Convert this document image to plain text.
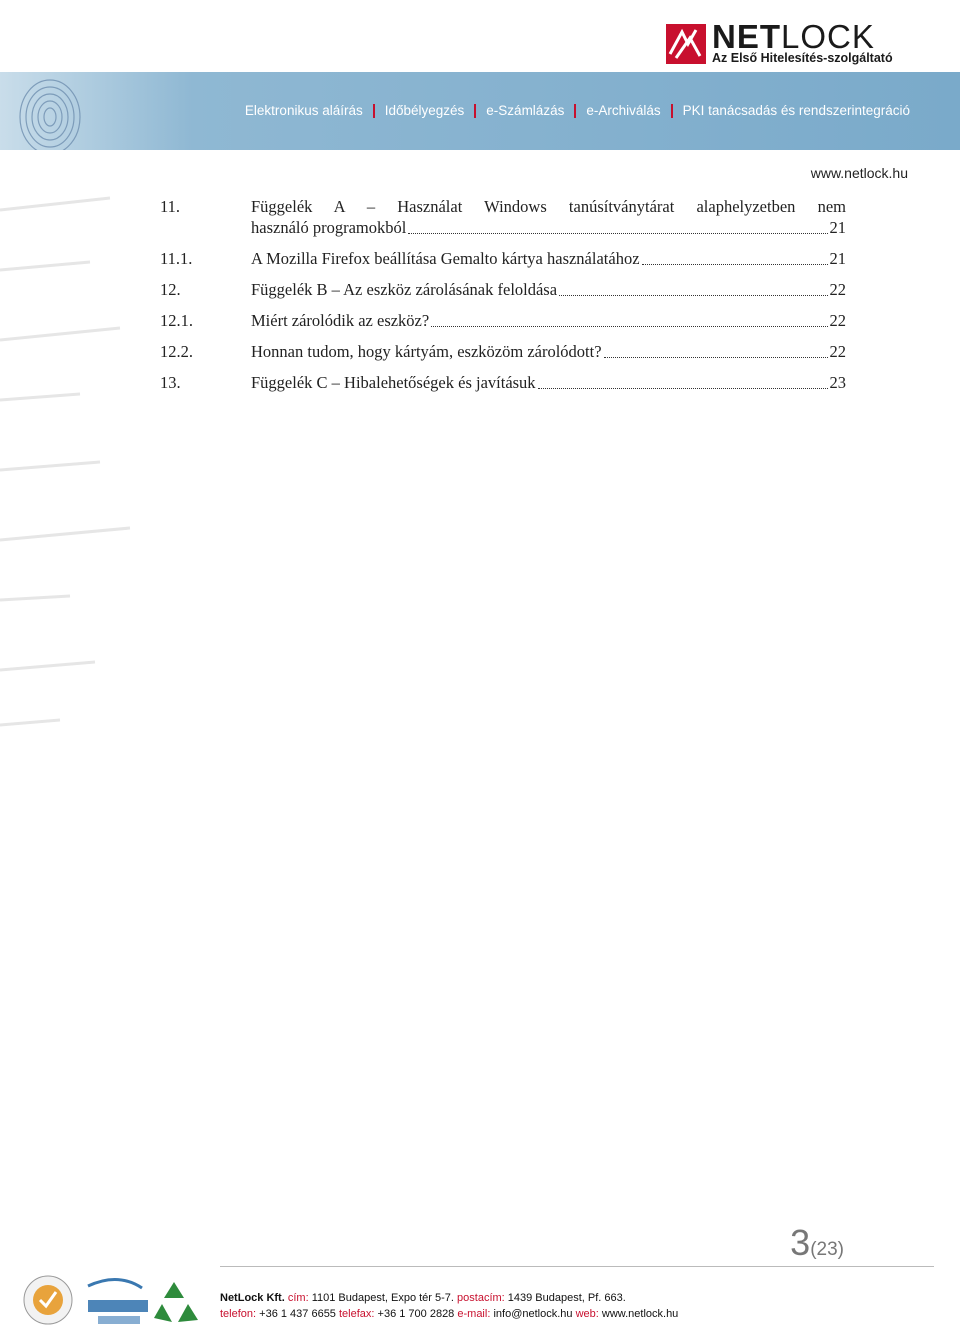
NETLOCK
Az Első Hitelesítés-szolgáltató
Elektronikus aláírás Időbélyegzés e-Számlázás e-Archiválás PKI tanácsadás és rendszerintegráció
www.netlock.hu
11.	Függelék A – Használat Windows tanúsítványtárat alaphelyzetben nem
használó programokból	21
11.1.	A Mozilla Firefox beállítása Gemalto kártya használatához	21
12.	Függelék B – Az eszköz zárolásának feloldása	22
12.1.	Miért zárolódik az eszköz?	22
12.2.	Honnan tudom, hogy kártyám, eszközöm zárolódott?	22
13.	Függelék C – Hibalehetőségek és javításuk	23
3(23)
NetLock Kft. cím: 1101 Budapest, Expo tér 5-7. postacím: 1439 Budapest, Pf. 663.
telefon: +36 1 437 6655 telefax: +36 1 700 2828 e-mail: info@netlock.hu web: www.netlock.hu
